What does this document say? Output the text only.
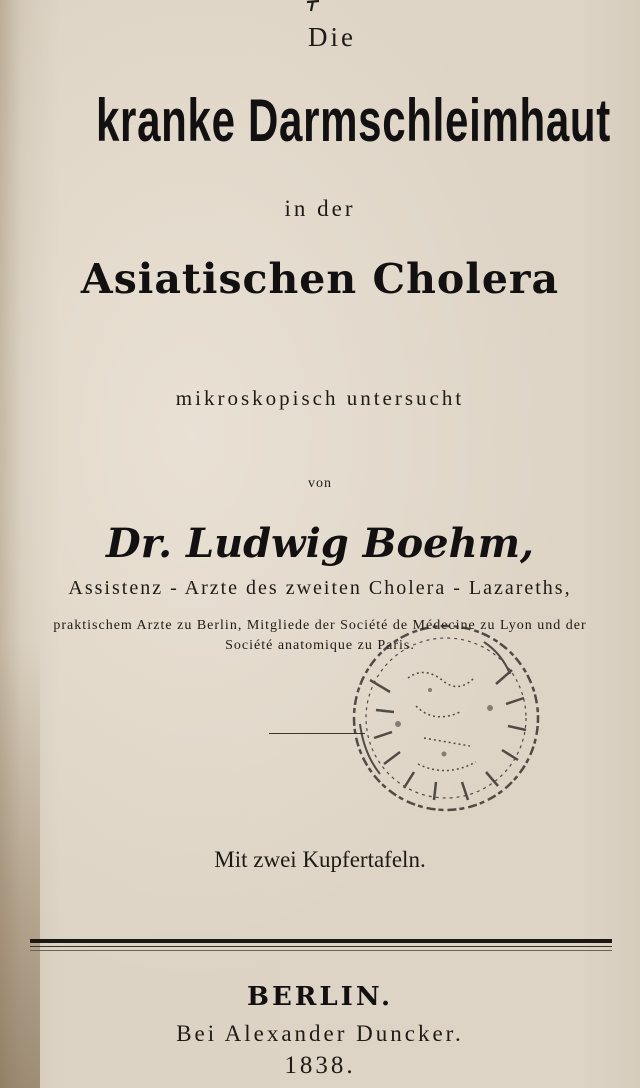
Die
kranke Darmschleimhaut
in der
Asiatischen Cholera
mikroskopisch untersucht
von
Dr. Ludwig Boehm,
Assistenz - Arzte des zweiten Cholera - Lazareths,
praktischem Arzte zu Berlin, Mitgliede der Société de Médecine zu Lyon und der
Société anatomique zu Paris.
Mit zwei Kupfertafeln.
BERLIN.
Bei Alexander Duncker.
1838.
